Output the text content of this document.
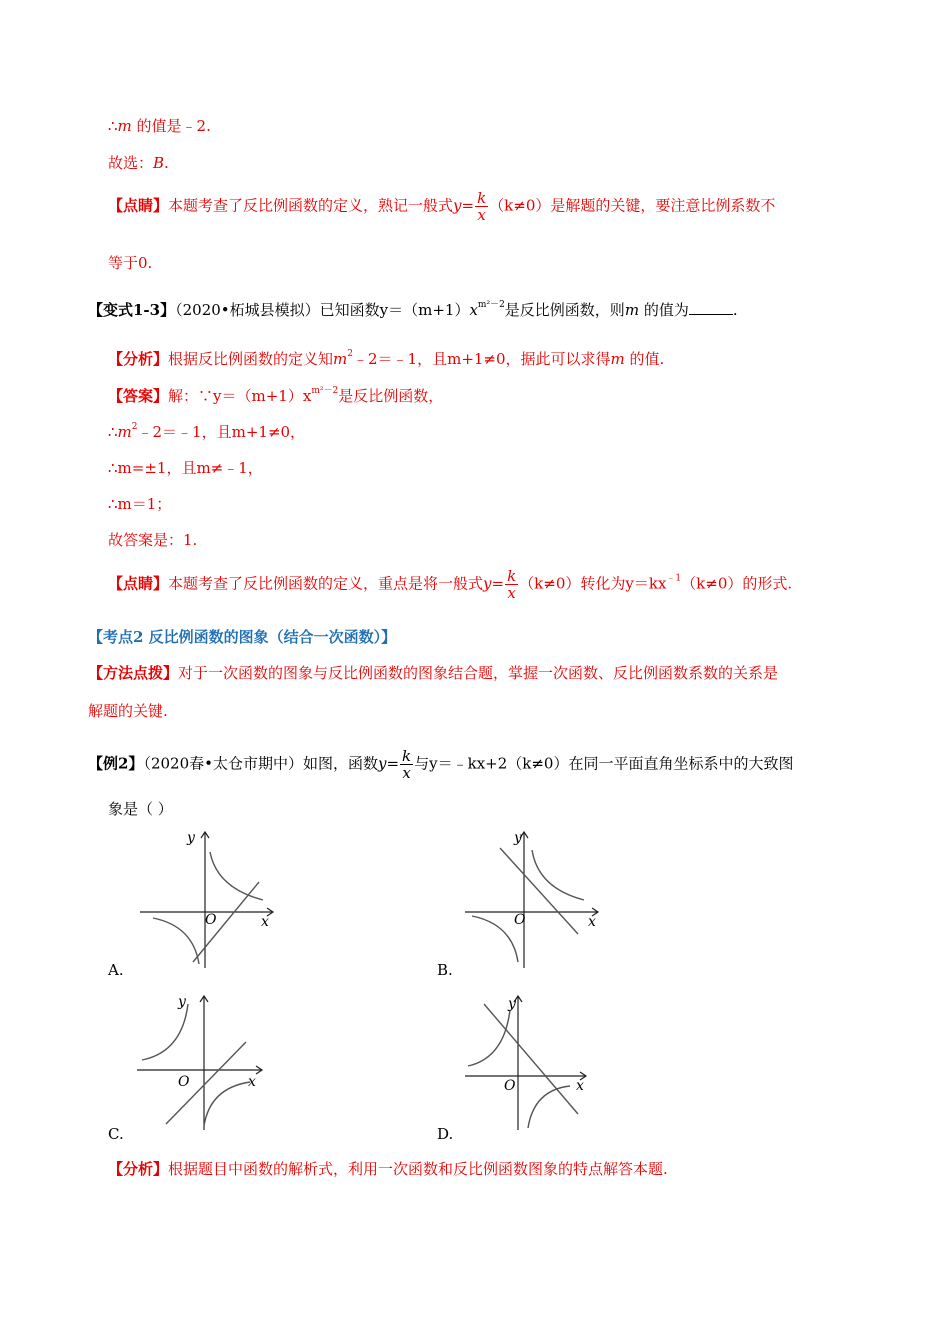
∴m 的值是﹣2.
故选：B.
【点睛】本题考查了反比例函数的定义，熟记一般式$y= \frac{k}{x} (k\ne 0)$是解题的关键，要注意比例系数不
等于0.
【变式1-3】（2020•柘城县模拟）已知函数$y=(m+1)x^{m^2-2}$是反比例函数，则m 的值为	.
【分析】根据反比例函数的定义知$m^2﹣2=﹣1$，且m+1≠0，据此可以求得m 的值.
【答案】解：$\because y=(m+1)x^{m^2-2}$是反比例函数，
$\therefore m^2﹣2=﹣1$，且m+1≠0，
∴m=±1，且m≠﹣1，
∴m＝1；
故答案是：1.
【点睛】本题考查了反比例函数的定义，重点是将一般式$y= \frac{k}{x} (k\ne 0)$转化为$y=kx^{﹣1}(k\ne 0)$的形式.
【考点2 反比例函数的图象（结合一次函数）】
【方法点拨】对于一次函数的图象与反比例函数的图象结合题，掌握一次函数、反比例函数系数的关系是
解题的关键.
【例2】（2020春•太仓市期中）如图，函数$y= \frac{k}{x}$ 与y＝﹣kx+2（k≠0）在同一平面直角坐标系中的大致图
象是（ ）
y
x
O
A.
y
x
O
B.
y
x
O
C.
y
x
O
D.
【分析】根据题目中函数的解析式，利用一次函数和反比例函数图象的特点解答本题.
